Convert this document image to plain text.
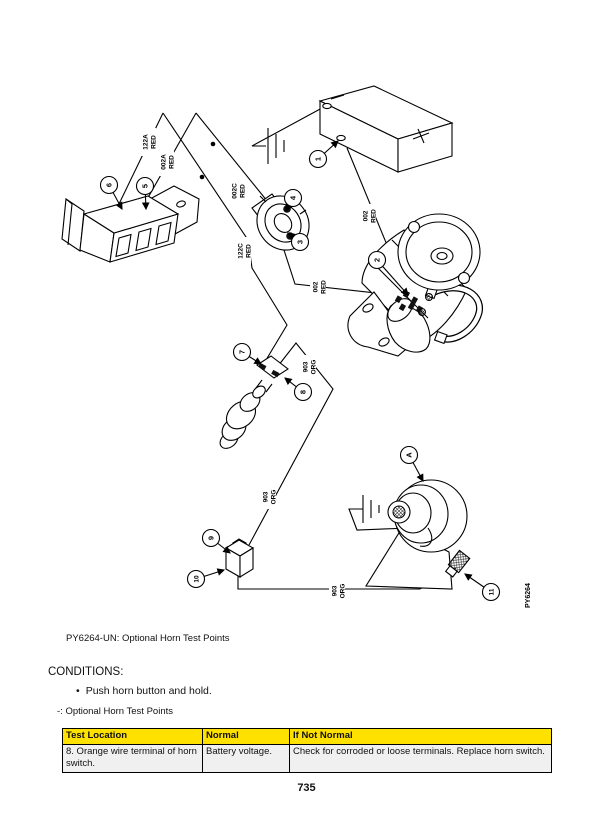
122ARED
002ARED
002CRED
122CRED
002RED
002RED
903ORG
903ORG
903ORG
1
2
3
4
5
6
7
8
9
10
11
A
PY6264
PY6264-UN: Optional Horn Test Points
CONDITIONS:
• Push horn button and hold.
-: Optional Horn Test Points
Test Location	Normal	If Not Normal
8. Orange wire terminal of horn switch.	Battery voltage.	Check for corroded or loose terminals. Replace horn switch.
735
